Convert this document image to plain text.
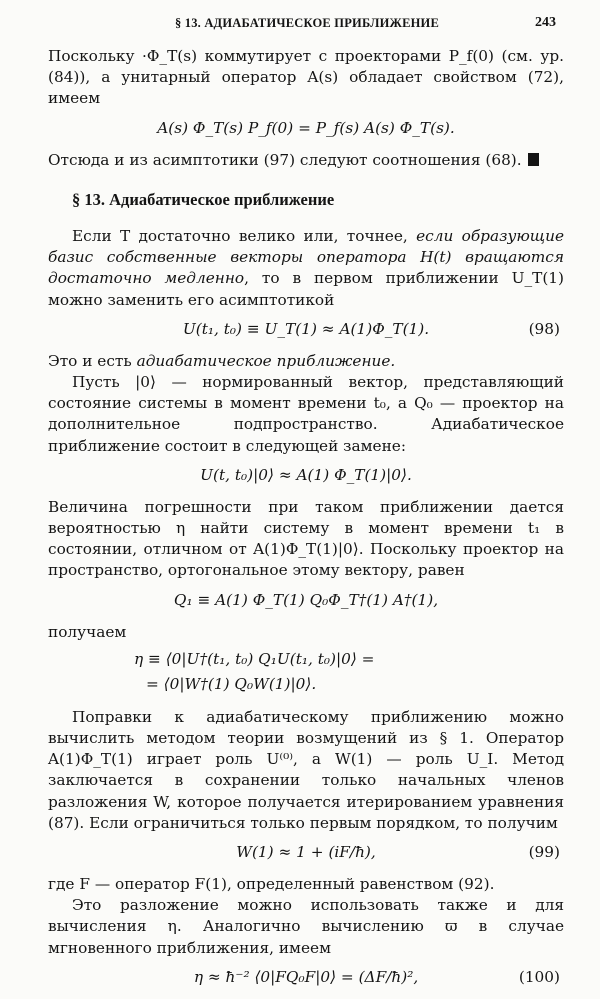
§ 13. АДИАБАТИЧЕСКОЕ ПРИБЛИЖЕНИЕ	243

Поскольку ·Φ_T(s) коммутирует с проекторами P_f(0) (см. ур. (84)), а унитарный оператор A(s) обладает свойством (72), имеем

A(s) Φ_T(s) P_f(0) = P_f(s) A(s) Φ_T(s).

Отсюда и из асимптотики (97) следуют соотношения (68).

§ 13. Адиабатическое приближение

Если T достаточно велико или, точнее, если образующие базис собственные векторы оператора H(t) вращаются достаточно медленно, то в первом приближении U_T(1) можно заменить его асимптотикой

U(t₁, t₀) ≡ U_T(1) ≈ A(1)Φ_T(1).	(98)

Это и есть адиабатическое приближение.

Пусть |0⟩ — нормированный вектор, представляющий состояние системы в момент времени t₀, а Q₀ — проектор на дополнительное подпространство. Адиабатическое приближение состоит в следующей замене:

U(t, t₀)|0⟩ ≈ A(1) Φ_T(1)|0⟩.

Величина погрешности при таком приближении дается вероятностью η найти систему в момент времени t₁ в состоянии, отличном от A(1)Φ_T(1)|0⟩. Поскольку проектор на пространство, ортогональное этому вектору, равен

Q₁ ≡ A(1) Φ_T(1) Q₀Φ_T†(1) A†(1),

получаем

η ≡ ⟨0|U†(t₁, t₀) Q₁U(t₁, t₀)|0⟩ =
= ⟨0|W†(1) Q₀W(1)|0⟩.

Поправки к адиабатическому приближению можно вычислить методом теории возмущений из § 1. Оператор A(1)Φ_T(1) играет роль U⁽⁰⁾, а W(1) — роль U_I. Метод заключается в сохранении только начальных членов разложения W, которое получается итерированием уравнения (87). Если ограничиться только первым порядком, то получим

W(1) ≈ 1 + (iF/ħ),	(99)

где F — оператор F(1), определенный равенством (92).

Это разложение можно использовать также и для вычисления η. Аналогично вычислению ϖ в случае мгновенного приближения, имеем

η ≈ ħ⁻² ⟨0|FQ₀F|0⟩ = (ΔF/ħ)²,	(100)
